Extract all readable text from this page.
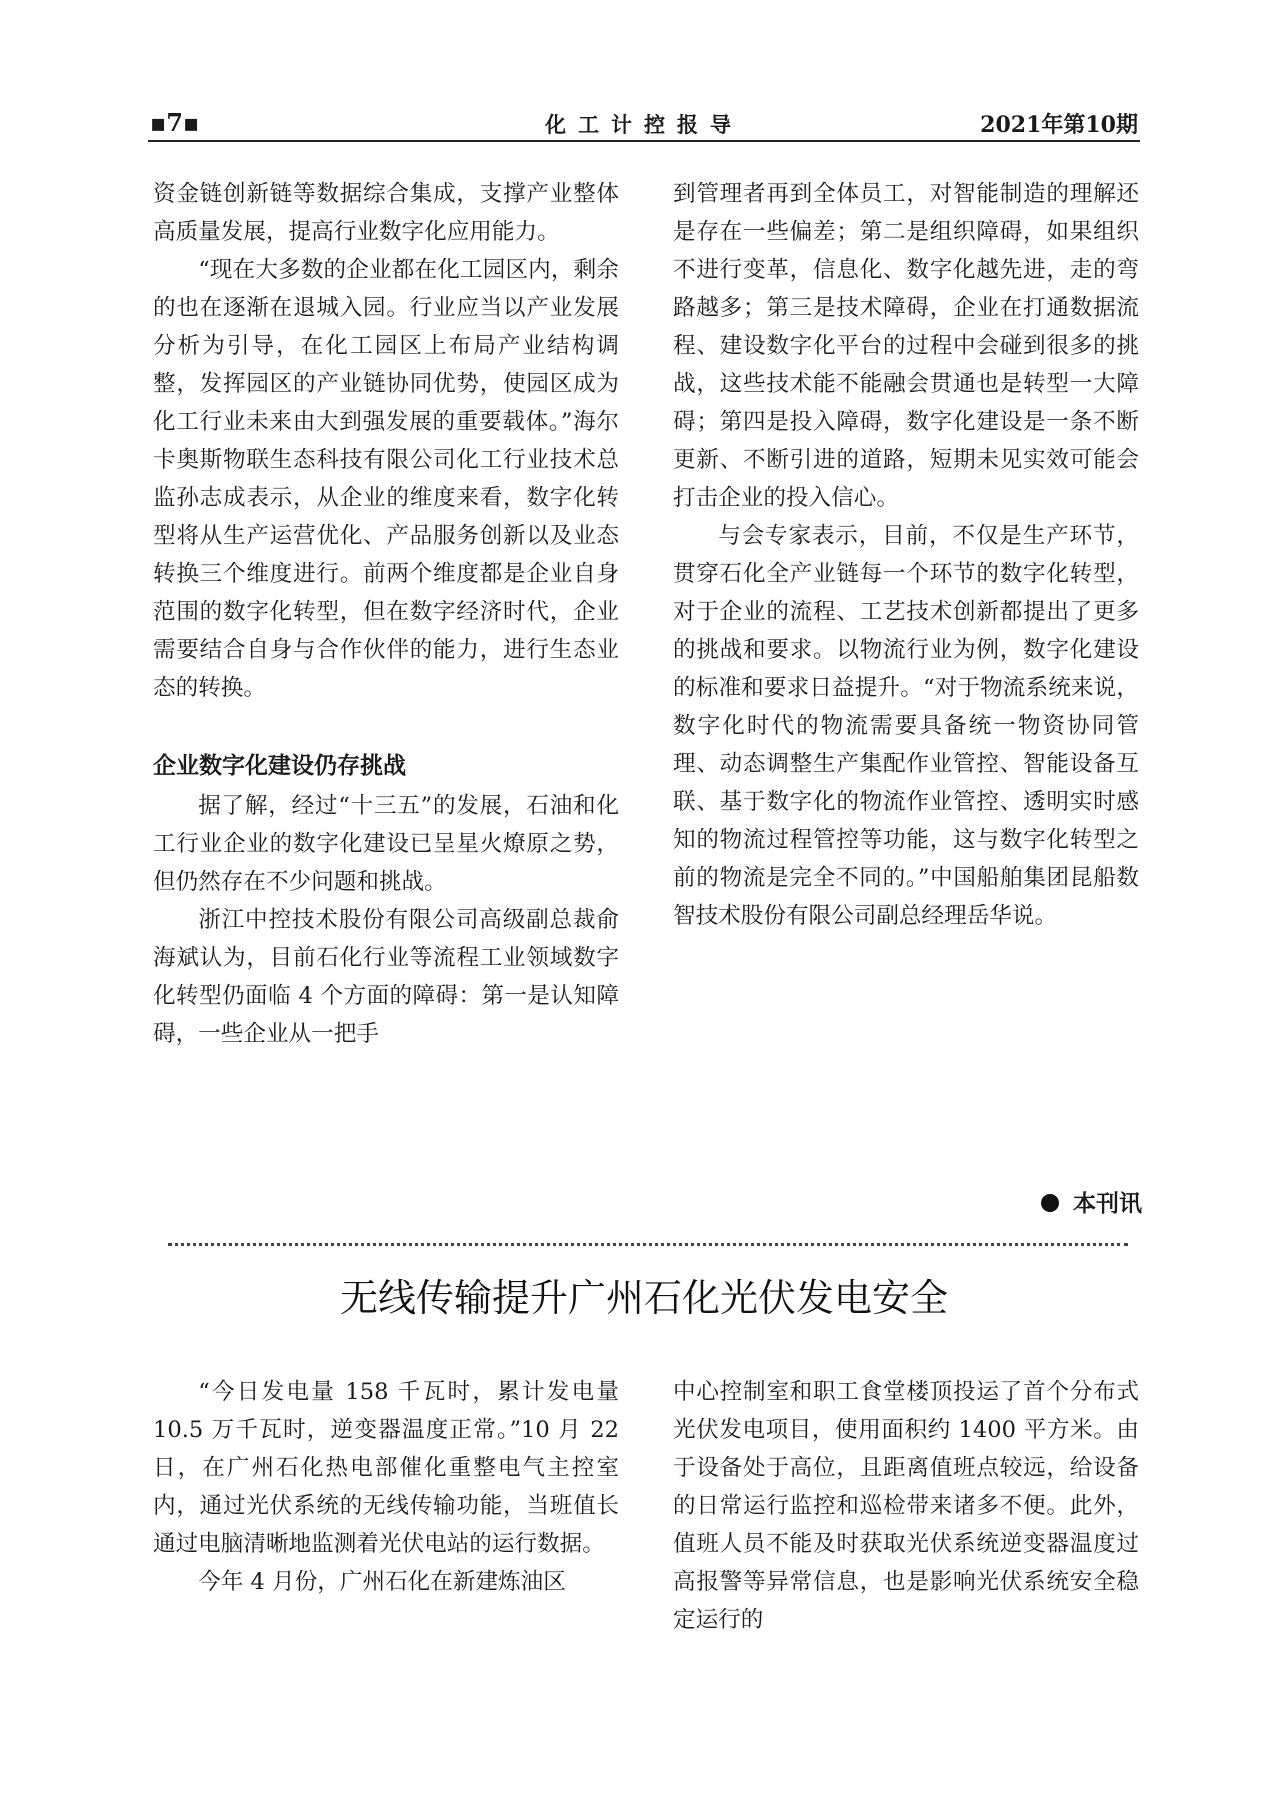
▪7▪	化工计控报导	2021年第10期

资金链创新链等数据综合集成，支撑产业整体高质量发展，提高行业数字化应用能力。

“现在大多数的企业都在化工园区内，剩余的也在逐渐在退城入园。行业应当以产业发展分析为引导，在化工园区上布局产业结构调整，发挥园区的产业链协同优势，使园区成为化工行业未来由大到强发展的重要载体。”海尔卡奥斯物联生态科技有限公司化工行业技术总监孙志成表示，从企业的维度来看，数字化转型将从生产运营优化、产品服务创新以及业态转换三个维度进行。前两个维度都是企业自身范围的数字化转型，但在数字经济时代，企业需要结合自身与合作伙伴的能力，进行生态业态的转换。

企业数字化建设仍存挑战

据了解，经过“十三五”的发展，石油和化工行业企业的数字化建设已呈星火燎原之势，但仍然存在不少问题和挑战。

浙江中控技术股份有限公司高级副总裁俞海斌认为，目前石化行业等流程工业领域数字化转型仍面临 4 个方面的障碍：第一是认知障碍，一些企业从一把手

到管理者再到全体员工，对智能制造的理解还是存在一些偏差；第二是组织障碍，如果组织不进行变革，信息化、数字化越先进，走的弯路越多；第三是技术障碍，企业在打通数据流程、建设数字化平台的过程中会碰到很多的挑战，这些技术能不能融会贯通也是转型一大障碍；第四是投入障碍，数字化建设是一条不断更新、不断引进的道路，短期未见实效可能会打击企业的投入信心。

与会专家表示，目前，不仅是生产环节，贯穿石化全产业链每一个环节的数字化转型，对于企业的流程、工艺技术创新都提出了更多的挑战和要求。以物流行业为例，数字化建设的标准和要求日益提升。“对于物流系统来说，数字化时代的物流需要具备统一物资协同管理、动态调整生产集配作业管控、智能设备互联、基于数字化的物流作业管控、透明实时感知的物流过程管控等功能，这与数字化转型之前的物流是完全不同的。”中国船舶集团昆船数智技术股份有限公司副总经理岳华说。

本刊讯
无线传输提升广州石化光伏发电安全

“今日发电量 158 千瓦时，累计发电量 10.5 万千瓦时，逆变器温度正常。”10 月 22 日，在广州石化热电部催化重整电气主控室内，通过光伏系统的无线传输功能，当班值长通过电脑清晰地监测着光伏电站的运行数据。

今年 4 月份，广州石化在新建炼油区

中心控制室和职工食堂楼顶投运了首个分布式光伏发电项目，使用面积约 1400 平方米。由于设备处于高位，且距离值班点较远，给设备的日常运行监控和巡检带来诸多不便。此外，值班人员不能及时获取光伏系统逆变器温度过高报警等异常信息，也是影响光伏系统安全稳定运行的
